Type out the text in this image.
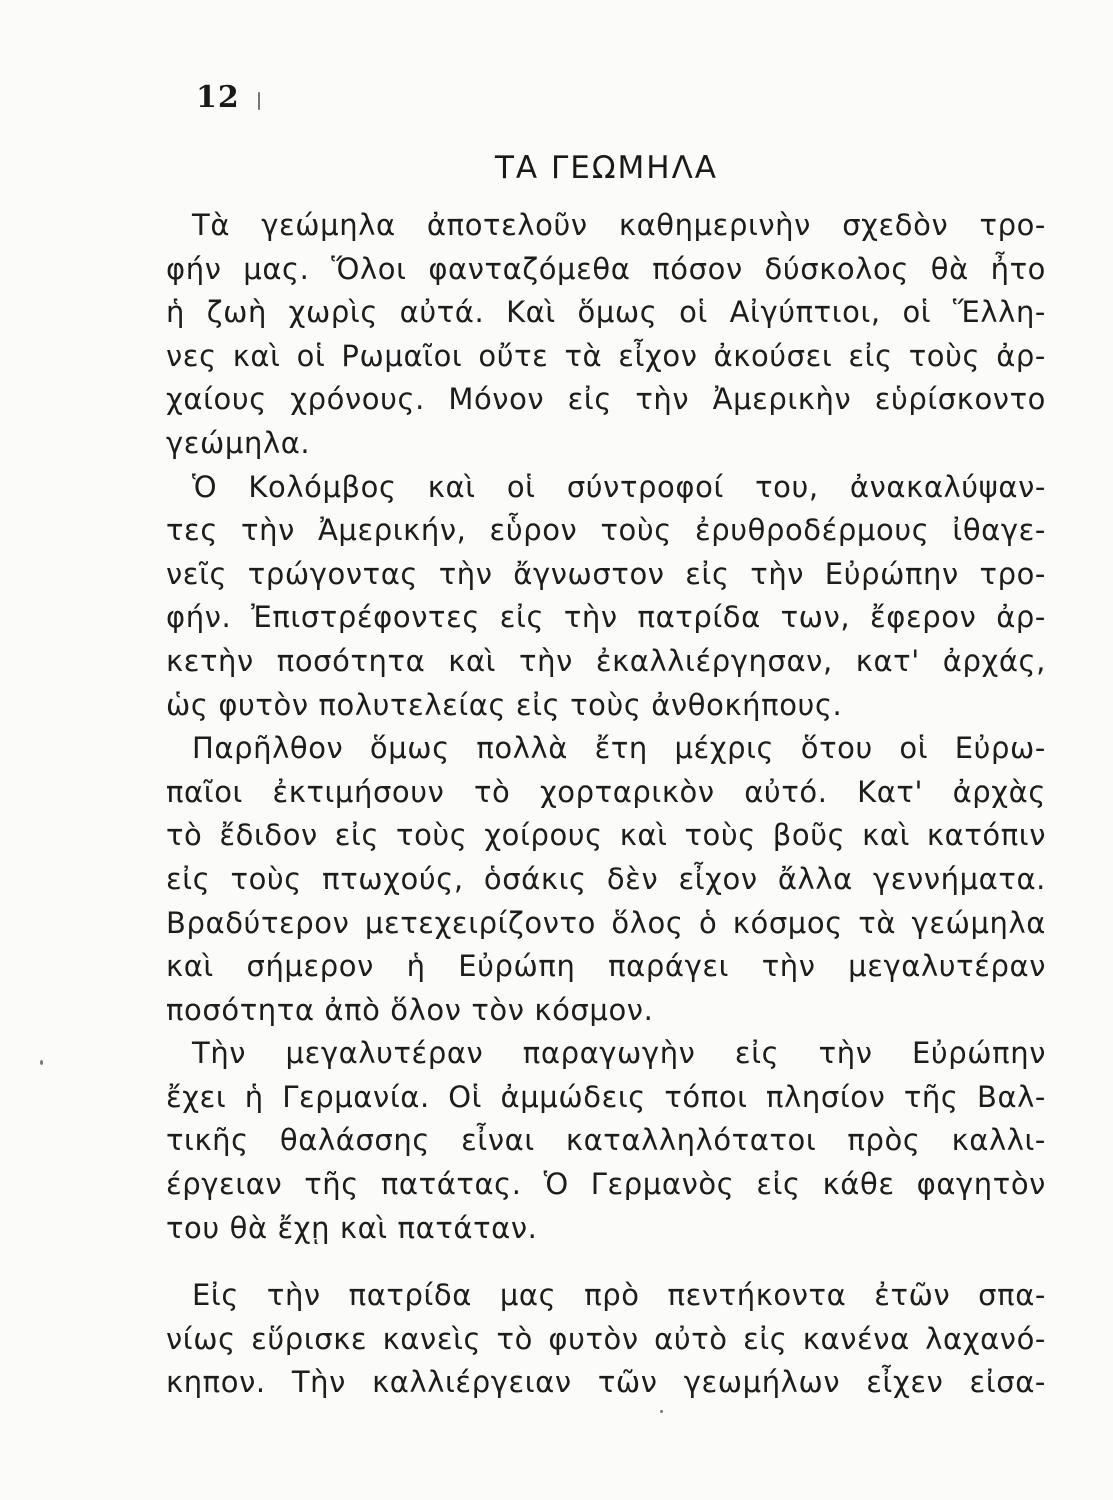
12
ΤΑ ΓΕΩΜΗΛΑ
Τὰ γεώμηλα ἀποτελοῦν καθημερινὴν σχεδὸν τρο-
φήν μας. Ὅλοι φανταζόμεθα πόσον δύσκολος θὰ ἦτο
ἡ ζωὴ χωρὶς αὐτά. Καὶ ὅμως οἱ Αἰγύπτιοι, οἱ Ἕλλη-
νες καὶ οἱ Ρωμαῖοι οὔτε τὰ εἶχον ἀκούσει εἰς τοὺς ἀρ-
χαίους χρόνους. Μόνον εἰς τὴν Ἀμερικὴν εὑρίσκοντο
γεώμηλα.
Ὁ Κολόμβος καὶ οἱ σύντροφοί του, ἀνακαλύψαν-
τες τὴν Ἀμερικήν, εὗρον τοὺς ἐρυθροδέρμους ἰθαγε-
νεῖς τρώγοντας τὴν ἄγνωστον εἰς τὴν Εὐρώπην τρο-
φήν. Ἐπιστρέφοντες εἰς τὴν πατρίδα των, ἔφερον ἀρ-
κετὴν ποσότητα καὶ τὴν ἐκαλλιέργησαν, κατ' ἀρχάς,
ὡς φυτὸν πολυτελείας εἰς τοὺς ἀνθοκήπους.
Παρῆλθον ὅμως πολλὰ ἔτη μέχρις ὅτου οἱ Εὐρω-
παῖοι ἐκτιμήσουν τὸ χορταρικὸν αὐτό. Κατ' ἀρχὰς
τὸ ἔδιδον εἰς τοὺς χοίρους καὶ τοὺς βοῦς καὶ κατόπιν
εἰς τοὺς πτωχούς, ὁσάκις δὲν εἶχον ἄλλα γεννήματα.
Βραδύτερον μετεχειρίζοντο ὅλος ὁ κόσμος τὰ γεώμηλα
καὶ σήμερον ἡ Εὐρώπη παράγει τὴν μεγαλυτέραν
ποσότητα ἀπὸ ὅλον τὸν κόσμον.
Τὴν μεγαλυτέραν παραγωγὴν εἰς τὴν Εὐρώπην
ἔχει ἡ Γερμανία. Οἱ ἀμμώδεις τόποι πλησίον τῆς Βαλ-
τικῆς θαλάσσης εἶναι καταλληλότατοι πρὸς καλλι-
έργειαν τῆς πατάτας. Ὁ Γερμανὸς εἰς κάθε φαγητὸν
του θὰ ἔχῃ καὶ πατάταν.
Εἰς τὴν πατρίδα μας πρὸ πεντήκοντα ἐτῶν σπα-
νίως εὕρισκε κανεὶς τὸ φυτὸν αὐτὸ εἰς κανένα λαχανό-
κηπον. Τὴν καλλιέργειαν τῶν γεωμήλων εἶχεν εἰσα-
